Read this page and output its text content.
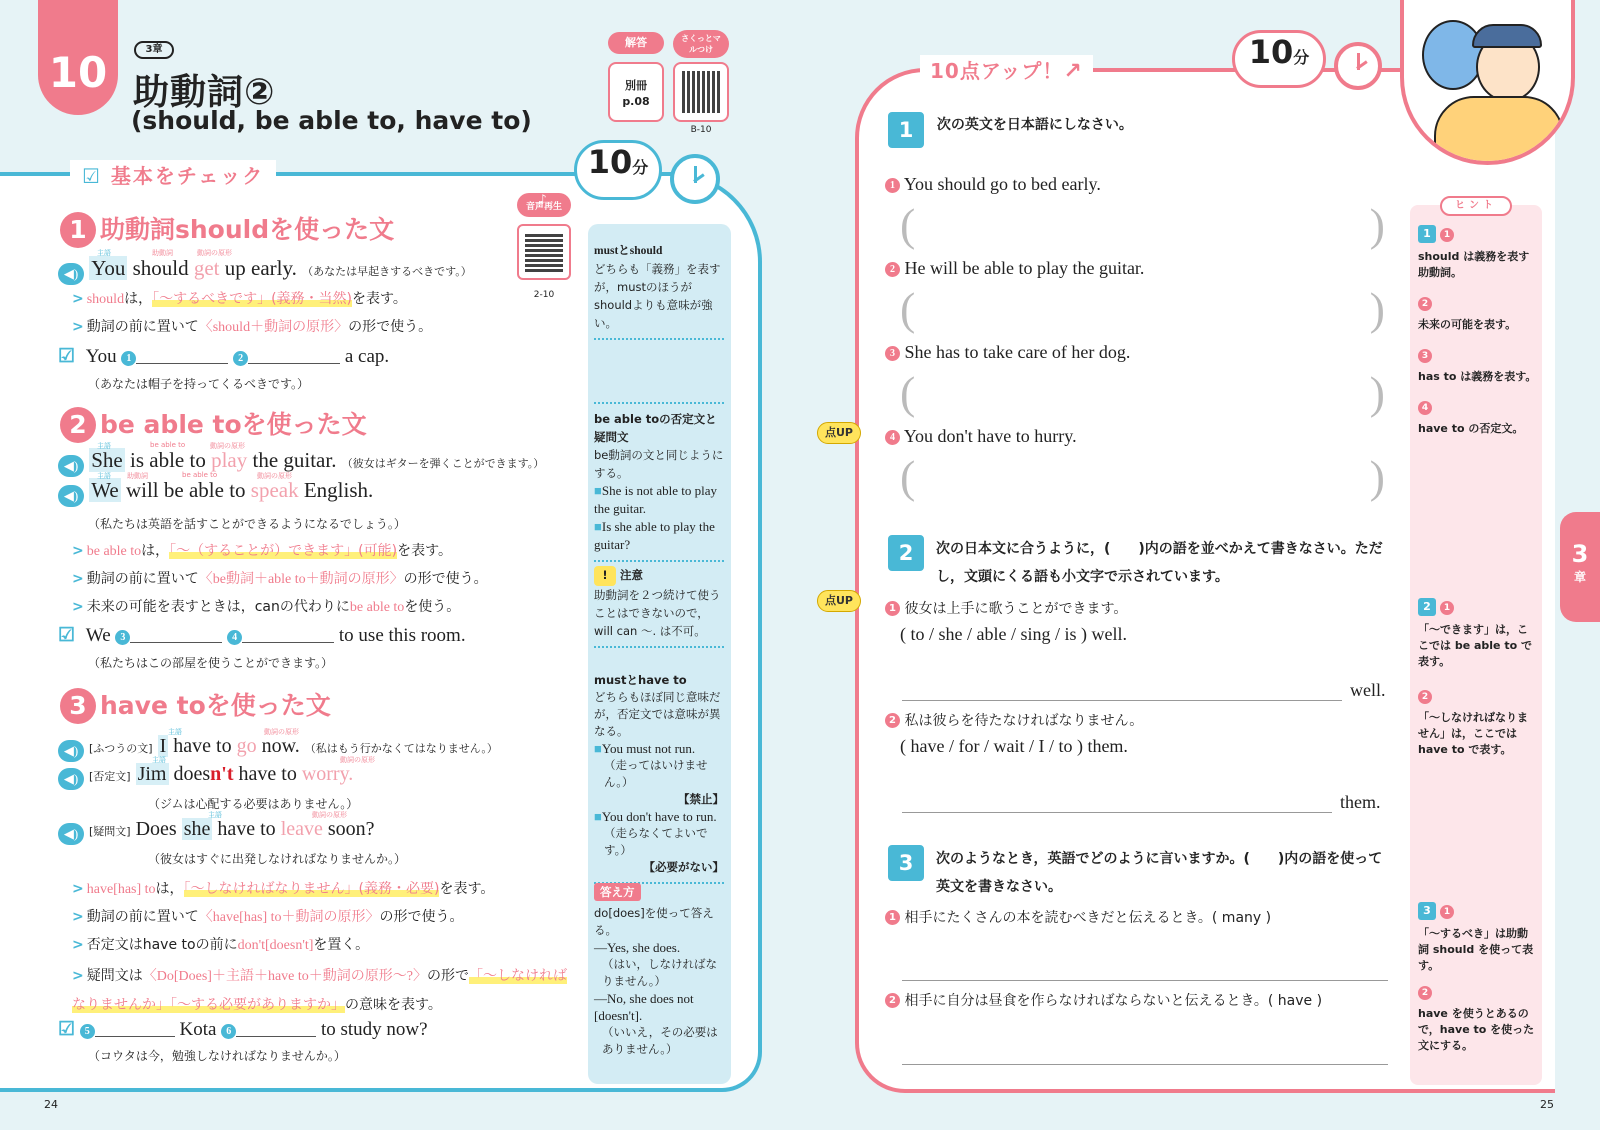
10	3章
助動詞②
(should, be able to, have to)
解答
別冊
p.08
さくっとマルつけ
B-10
☑ 基本をチェック	10分
♪
音声再生
2-10
1 助動詞shouldを使った文
◀) You should get up early. （あなたは早起きするべきです。）
主語	助動詞	動詞の原形
> shouldは，「〜するべきです」(義務・当然)を表す。
> 動詞の前に置いて〈should＋動詞の原形〉の形で使う。
☑ You 1	2	a cap.
（あなたは帽子を持ってくるべきです。）
2 be able toを使った文
◀) She is able to play the guitar. （彼女はギターを弾くことができます。）
主語	be able to	動詞の原形
◀) We will be able to speak English.
主語 助動詞	be able to	動詞の原形
（私たちは英語を話すことができるようになるでしょう。）
> be able toは，「〜（することが）できます」(可能)を表す。
> 動詞の前に置いて〈be動詞＋able to＋動詞の原形〉の形で使う。
> 未来の可能を表すときは，canの代わりにbe able toを使う。
☑ We 3	4	to use this room.
（私たちはこの部屋を使うことができます。）
3 have toを使った文
◀) [ふつうの文] I have to go now. （私はもう行かなくてはなりません。）
◀) [否定文] Jim doesn't have to worry.
（ジムは心配する必要はありません。）
◀) [疑問文] Does she have to leave soon?
（彼女はすぐに出発しなければなりませんか。）
主語	動詞の原形
主語	動詞の原形
主語	動詞の原形
> have[has] toは，「〜しなければなりません」(義務・必要)を表す。
> 動詞の前に置いて〈have[has] to＋動詞の原形〉の形で使う。
> 否定文はhave toの前にdon't[doesn't]を置く。
> 疑問文は〈Do[Does]＋主語＋have to＋動詞の原形〜?〉の形で「〜しなければなりませんか」「〜する必要がありますか」の意味を表す。
☑ 5	Kota 6	to study now?
（コウタは今，勉強しなければなりませんか。）

mustとshould

どちらも「義務」を表すが，mustのほうがshouldよりも意味が強い。

be able toの否定文と疑問文

be動詞の文と同じようにする。

■She is not able to play the guitar.

■Is she able to play the guitar?

! 注意

助動詞を２つ続けて使うことはできないので，will can 〜. は不可。

mustとhave to

どちらもほぼ同じ意味だが，否定文では意味が異なる。

■You must not run.

（走ってはいけません。）

【禁止】

■You don't have to run.

（走らなくてよいです。）

【必要がない】

答え方

do[does]を使って答える。

—Yes, she does.

（はい，しなければなりません。）

—No, she does not [doesn't].

（いいえ，その必要はありません。）

24
10点アップ！↗
10分
1 次の英文を日本語にしなさい。
1 You should go to bed early.
(	)
2 He will be able to play the guitar.
(	)
3 She has to take care of her dog.
(	)
点UP	4 You don't have to hurry.
(	)
2	次の日本文に合うように，(　　)内の語を並べかえて書きなさい。ただし，文頭にくる語も小文字で示されています。
点UP
1 彼女は上手に歌うことができます。
( to / she / able / sing / is ) well.
well.
2 私は彼らを待たなければなりません。
( have / for / wait / I / to ) them.
them.
3	次のようなとき，英語でどのように言いますか。(　　)内の語を使って英文を書きなさい。
1 相手にたくさんの本を読むべきだと伝えるとき。( many )
2 相手に自分は昼食を作らなければならないと伝えるとき。( have )
ヒント
1 1
should は義務を表す助動詞。
2
未来の可能を表す。
3
has to は義務を表す。
4
have to の否定文。
2 1
「〜できます」は，ここでは be able to で表す。
2
「〜しなければなりません」は，ここでは have to で表す。
3 1
「〜するべき」は助動詞 should を使って表す。
2
have を使うとあるので，have to を使った文にする。
3
章
25
